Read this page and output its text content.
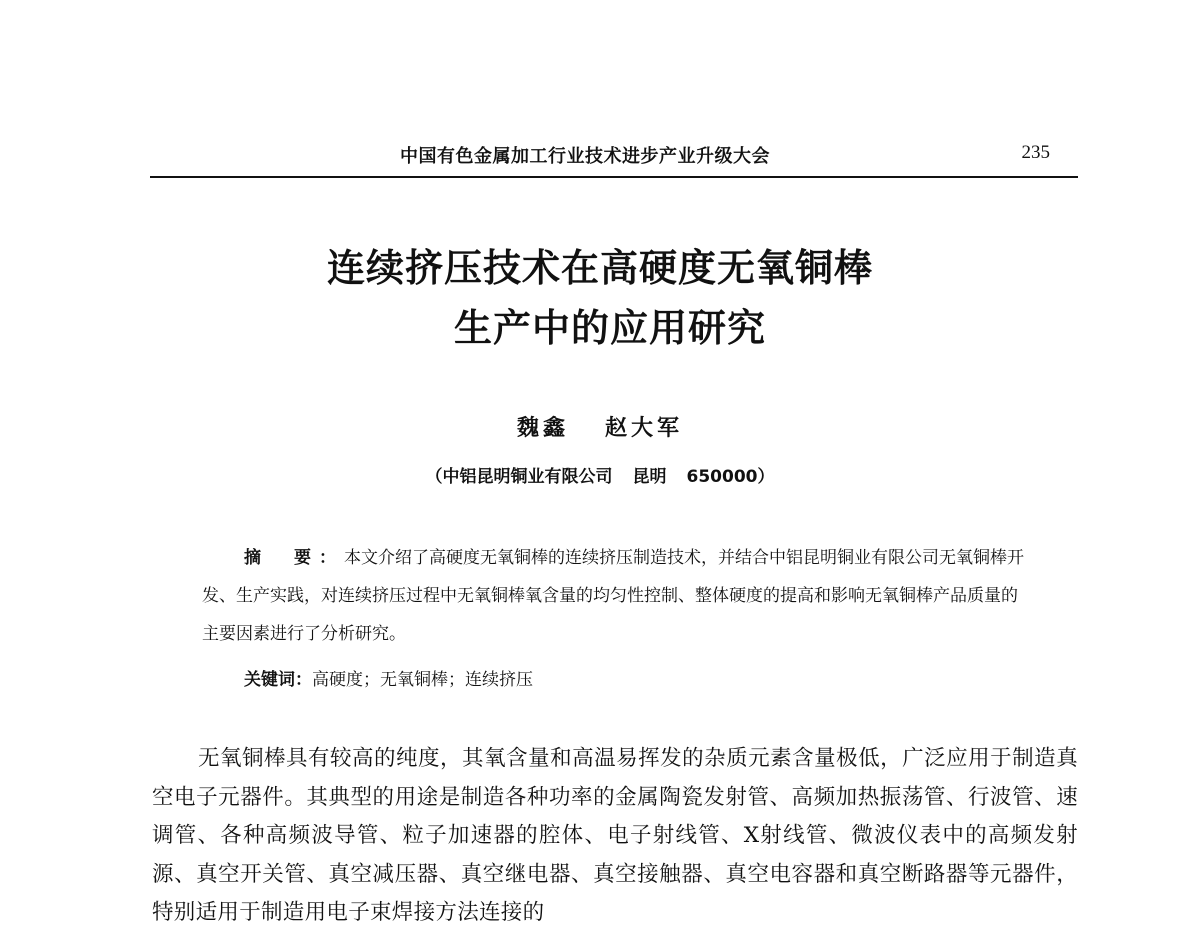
中国有色金属加工行业技术进步产业升级大会	235
连续挤压技术在高硬度无氧铜棒
生产中的应用研究
魏鑫 赵大军
（中铝昆明铜业有限公司 昆明 650000）
摘　要：本文介绍了高硬度无氧铜棒的连续挤压制造技术，并结合中铝昆明铜业有限公司无氧铜棒开发、生产实践，对连续挤压过程中无氧铜棒氧含量的均匀性控制、整体硬度的提高和影响无氧铜棒产品质量的主要因素进行了分析研究。
关键词：高硬度；无氧铜棒；连续挤压
无氧铜棒具有较高的纯度，其氧含量和高温易挥发的杂质元素含量极低，广泛应用于制造真空电子元器件。其典型的用途是制造各种功率的金属陶瓷发射管、高频加热振荡管、行波管、速调管、各种高频波导管、粒子加速器的腔体、电子射线管、X射线管、微波仪表中的高频发射源、真空开关管、真空减压器、真空继电器、真空接触器、真空电容器和真空断路器等元器件，特别适用于制造用电子束焊接方法连接的
